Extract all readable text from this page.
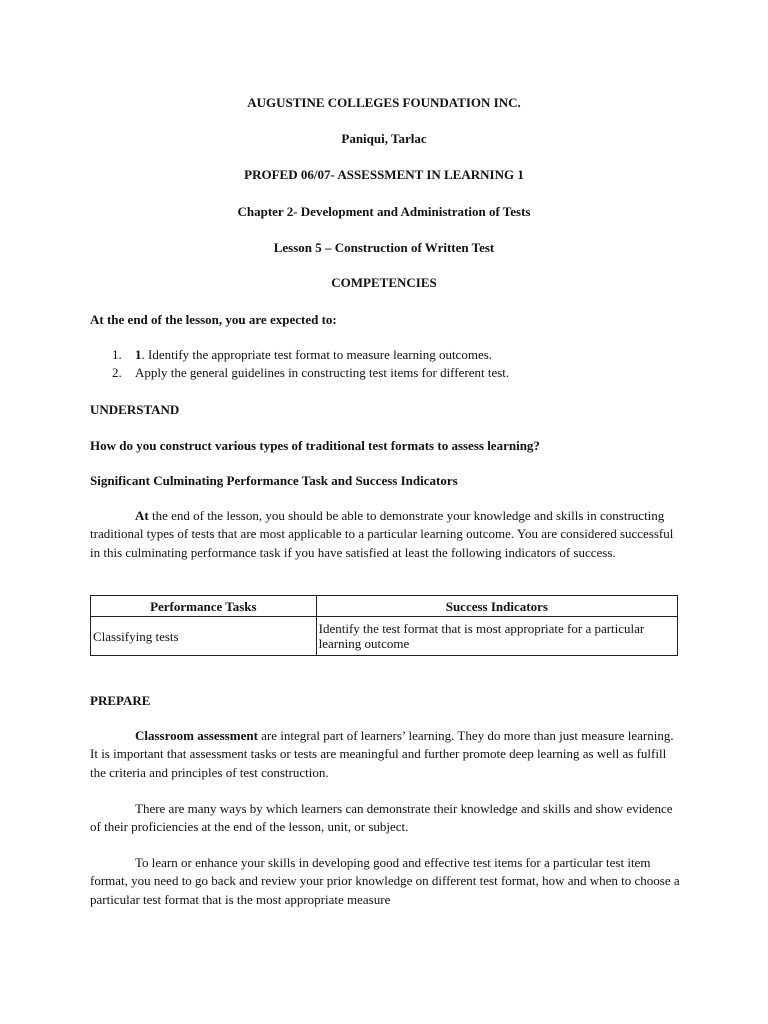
AUGUSTINE COLLEGES FOUNDATION INC.
Paniqui, Tarlac
PROFED 06/07- ASSESSMENT IN LEARNING 1
Chapter 2- Development and Administration of Tests
Lesson 5 – Construction of Written Test
COMPETENCIES
At the end of the lesson, you are expected to:
1. 1. Identify the appropriate test format to measure learning outcomes.
2. Apply the general guidelines in constructing test items for different test.
UNDERSTAND
How do you construct various types of traditional test formats to assess learning?
Significant Culminating Performance Task and Success Indicators
At the end of the lesson, you should be able to demonstrate your knowledge and skills in constructing traditional types of tests that are most applicable to a particular learning outcome. You are considered successful in this culminating performance task if you have satisfied at least the following indicators of success.
Performance Tasks	Success Indicators
Classifying tests	Identify the test format that is most appropriate for a particular learning outcome
PREPARE
Classroom assessment are integral part of learners’ learning. They do more than just measure learning. It is important that assessment tasks or tests are meaningful and further promote deep learning as well as fulfill the criteria and principles of test construction.
There are many ways by which learners can demonstrate their knowledge and skills and show evidence of their proficiencies at the end of the lesson, unit, or subject.
To learn or enhance your skills in developing good and effective test items for a particular test item format, you need to go back and review your prior knowledge on different test format, how and when to choose a particular test format that is the most appropriate measure
